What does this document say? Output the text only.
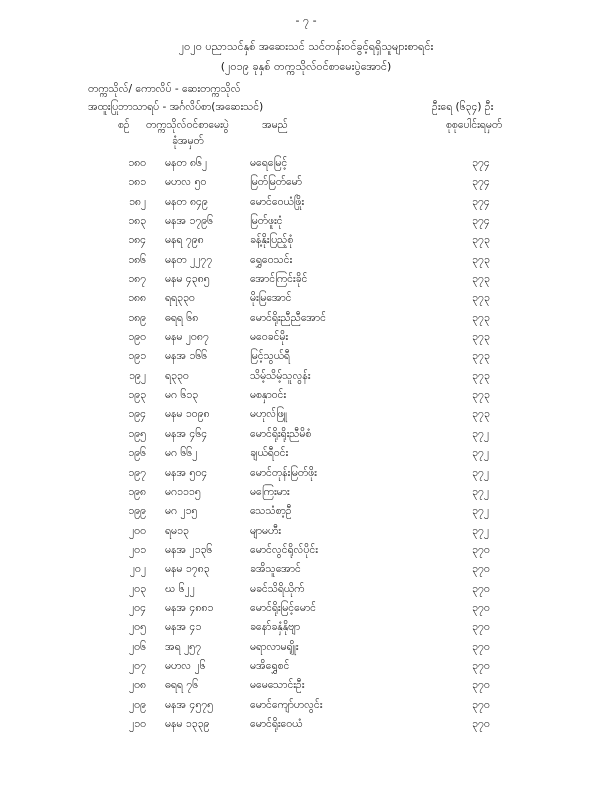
- ၇ -
၂၀၂၀ ပညာသင်နှစ် အဆေးသင် သင်တန်းဝင်ခွင့်ရရှိသူများစာရင်း
(၂၀၁၉ ခုနှစ် တက္ကသိုလ်ဝင်စာမေးပွဲအောင်)
တက္ကသိုလ်/ ကောလိပ် - ဆေးတက္ကသိုလ်
အထူးပြုဘာသာရပ် - အင်္ဂလိပ်စာ(အဆေးသင်)	ဦးရေ (၆၃၄) ဦး
စဉ် တက္ကသိုလ်ဝင်စာမေးပွဲ
ခုံအမှတ်
အမည်	စုစုပေါင်းရမှတ်
၁၈၀ မနတ ၈၆၂	မရေမြေင့်	၃၇၄
၁၈၁ မဟလ ၅၀	မြတ်မြတ်မော်	၃၇၄
၁၈၂ မနတ ၈၄၉	မောင်ဝေယံဖြိုး	၃၇၄
၁၈၃ မနအ ၁၇၉၆	မြတ်ဖူးငုံ	၃၇၄
၁၈၄ မနရ ၇၉၈	ခန့်နိုးပြည့်စုံ	၃၇၃
၁၈၆ မနတ ၂၂၇၇	ရွှေဝေသင်း	၃၇၃
၁၈၇ မနမ ၄၃၈၅	အောင်ကြင်းခိုင်	၃၇၃
၁၈၈ ရရ၃၃၀	မိုးမြအောင်	၃၇၃
၁၈၉ ဓရရ ၆၈	မောင်ရိုးညီညီအောင်	၃၇၃
၁၉၀ မနမ ၂၀၈၇	မဝေခင်မိုး	၃၇၃
၁၉၁ မနအ ၁၆၆	မြင့်သွယ်ရီ	၃၇၃
၁၉၂ ရ၃၃၀	သိမ့်သိမ့်သူလွန်း	၃၇၃
၁၉၃ မဂ ၆၁၃	မစနှာဝင်း	၃၇၃
၁၉၄ မနမ ၁၀၉၈	မဟုလ်ဖြူ	၃၇၃
၁၉၅ မနအ ၄၆၄	မောင်ရိုးရိုးညီမိစံ	၃၇၂
၁၉၆ မဂ ၆၆၂	ချယ်ရီဝင်း	၃၇၂
၁၉၇ မနအ ၅၀၄	မောင်တုန်းမြတ်ဖိုး	၃၇၂
၁၉၈ မဂ၁၁၁၅	မကြေးမား	၃၇၂
၁၉၉ မဂ ၂၁၅	သေသံစာ့ဦ	၃၇၂
၂၀၀ ရမ၁၃	မျာမဟီး	၃၇၂
၂၀၁ မနအ ၂၁၃၆	မောင်လွင်ရိုလ်ပိုင်း	၃၇၀
၂၀၂ မနမ ၁၇၈၃	ခအိသူအောင်	၃၇၀
၂၀၃ ဃ ၆၂၂	မခင်သိရိယိုက်	၃၇၀
၂၀၄ မနအ ၄၈၈၁	မောင်ရိုးမြင့်မောင်	၃၇၀
၂၀၅ မနအ ၄၁	ခနော်ခနှံနိုဗျာ	၃၇၀
၂၀၆ အရ ၂၅၇	မရာလာမရျိုး	၃၇၀
၂၀၇ မဟလ ၂၆	မအိရွှေစင်	၃၇၀
၂၀၈ ဓရရ ၇၆	မမေသောင်းဦး	၃၇၀
၂၀၉ မနအ ၄၅၇၅	မောင်ကျော်ဟလွင်း	၃၇၀
၂၁၀ မနမ ၁၃၃၉	မောင်ရိုးဝေယံ	၃၇၀
